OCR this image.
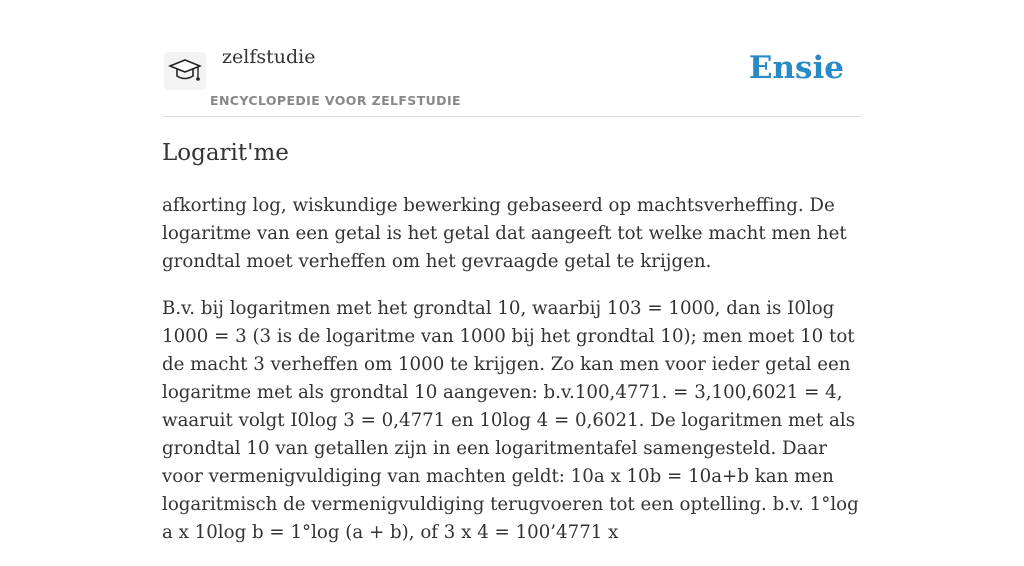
zelfstudie
ENCYCLOPEDIE VOOR ZELFSTUDIE
Ensie
Logarit'me

afkorting log, wiskundige bewerking gebaseerd op machtsverheffing. De logaritme van een getal is het getal dat aangeeft tot welke macht men het grondtal moet verheffen om het gevraagde getal te krijgen.

B.v. bij logaritmen met het grondtal 10, waarbij 103 = 1000, dan is I0log 1000 = 3 (3 is de logaritme van 1000 bij het grondtal 10); men moet 10 tot de macht 3 verheffen om 1000 te krijgen. Zo kan men voor ieder getal een logaritme met als grondtal 10 aangeven: b.v.100,4771. = 3,100,6021 = 4, waaruit volgt I0log 3 = 0,4771 en 10log 4 = 0,6021. De logaritmen met als grondtal 10 van getallen zijn in een logaritmentafel samengesteld. Daar voor vermenigvuldiging van machten geldt: 10a x 10b = 10a+b kan men logaritmisch de vermenigvuldiging terugvoeren tot een optelling. b.v. 1°log a x 10log b = 1°log (a + b), of 3 x 4 = 100’4771 x
